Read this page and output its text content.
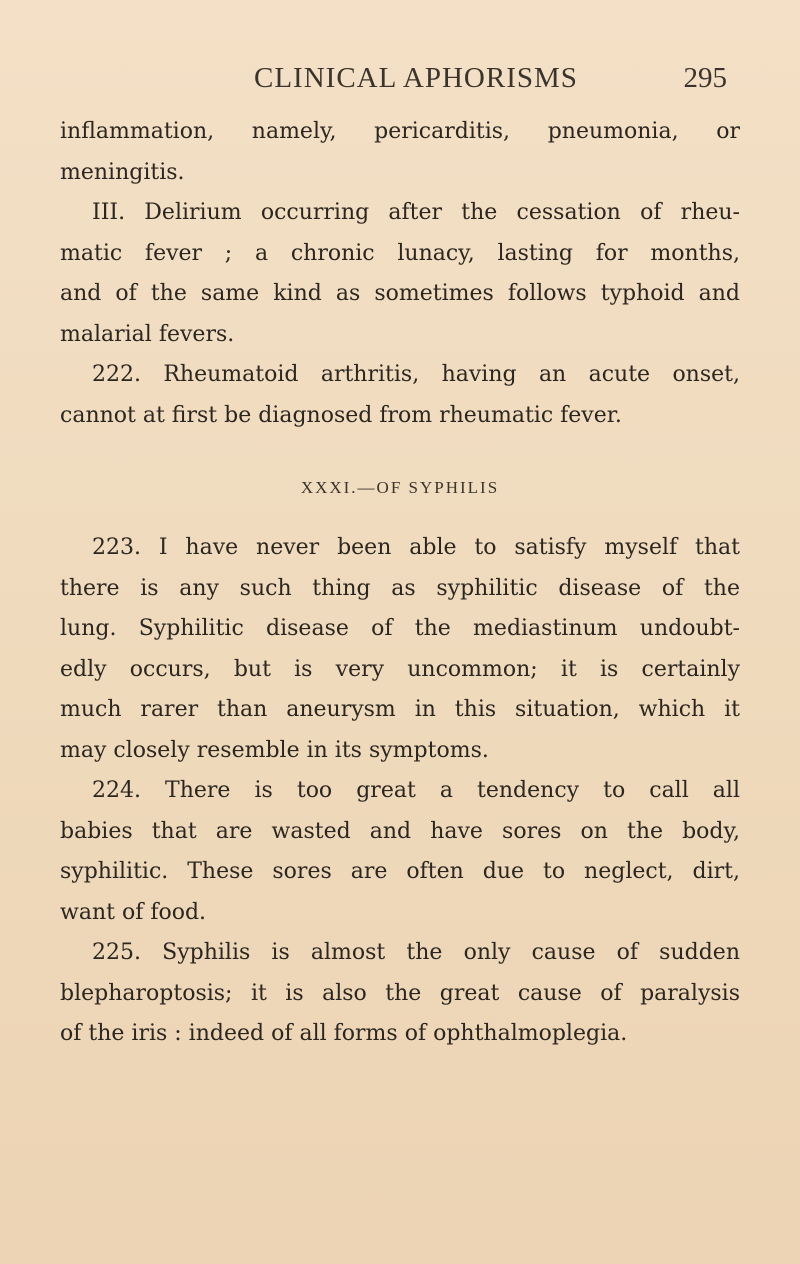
CLINICAL APHORISMS	295
inflammation, namely, pericarditis, pneumonia, or
meningitis.
III. Delirium occurring after the cessation of rheu-
matic fever ; a chronic lunacy, lasting for months,
and of the same kind as sometimes follows typhoid and
malarial fevers.
222. Rheumatoid arthritis, having an acute onset,
cannot at first be diagnosed from rheumatic fever.
XXXI.—OF SYPHILIS
223. I have never been able to satisfy myself that
there is any such thing as syphilitic disease of the
lung. Syphilitic disease of the mediastinum undoubt-
edly occurs, but is very uncommon; it is certainly
much rarer than aneurysm in this situation, which it
may closely resemble in its symptoms.
224. There is too great a tendency to call all
babies that are wasted and have sores on the body,
syphilitic. These sores are often due to neglect, dirt,
want of food.
225. Syphilis is almost the only cause of sudden
blepharoptosis; it is also the great cause of paralysis
of the iris : indeed of all forms of ophthalmoplegia.
